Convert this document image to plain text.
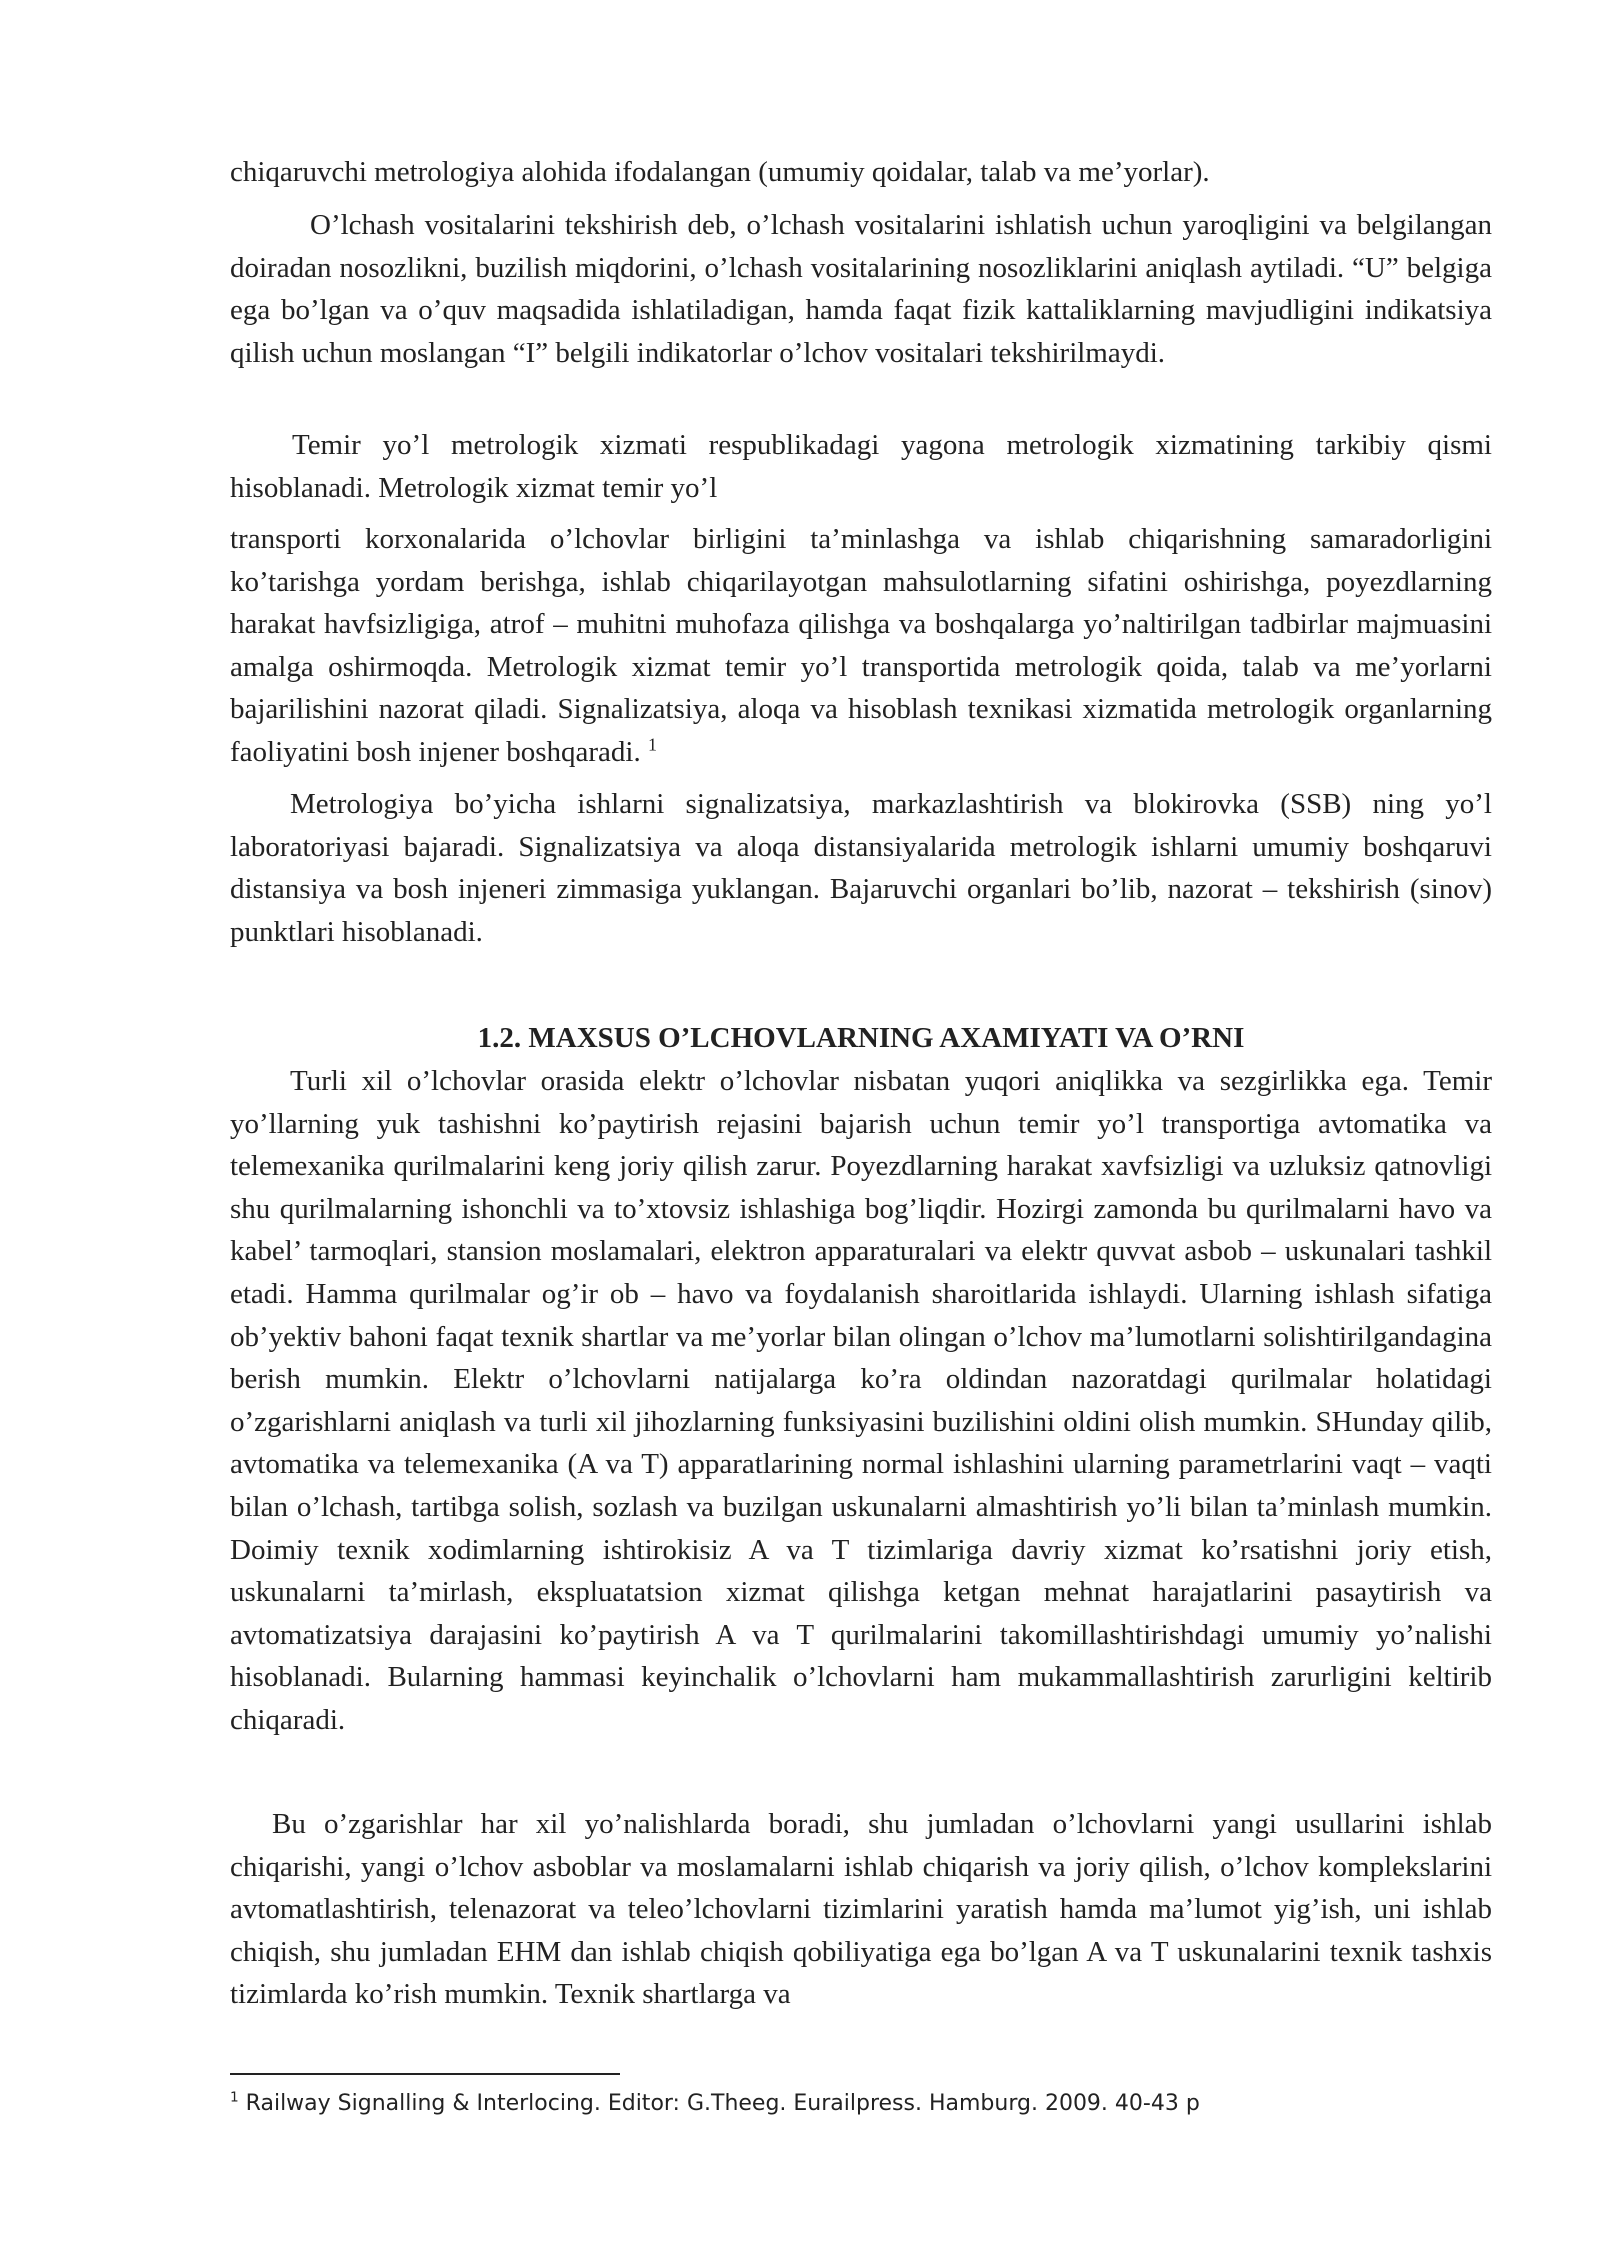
chiqaruvchi metrologiya alohida ifodalangan (umumiy qoidalar, talab va me’yorlar).

O’lchash vositalarini tekshirish deb, o’lchash vositalarini ishlatish uchun yaroqligini va belgilangan doiradan nosozlikni, buzilish miqdorini, o’lchash vositalarining nosozliklarini aniqlash aytiladi. “U” belgiga ega bo’lgan va o’quv maqsadida ishlatiladigan, hamda faqat fizik kattaliklarning mavjudligini indikatsiya qilish uchun moslangan “I” belgili indikatorlar o’lchov vositalari tekshirilmaydi.

Temir yo’l metrologik xizmati respublikadagi yagona metrologik xizmatining tarkibiy qismi hisoblanadi. Metrologik xizmat temir yo’l

transporti korxonalarida o’lchovlar birligini ta’minlashga va ishlab chiqarishning samaradorligini ko’tarishga yordam berishga, ishlab chiqarilayotgan mahsulotlarning sifatini oshirishga, poyezdlarning harakat havfsizligiga, atrof – muhitni muhofaza qilishga va boshqalarga yo’naltirilgan tadbirlar majmuasini amalga oshirmoqda. Metrologik xizmat temir yo’l transportida metrologik qoida, talab va me’yorlarni bajarilishini nazorat qiladi. Signalizatsiya, aloqa va hisoblash texnikasi xizmatida metrologik organlarning faoliyatini bosh injener boshqaradi. $^1$

Metrologiya bo’yicha ishlarni signalizatsiya, markazlashtirish va blokirovka (SSB) ning yo’l laboratoriyasi bajaradi. Signalizatsiya va aloqa distansiyalarida metrologik ishlarni umumiy boshqaruvi distansiya va bosh injeneri zimmasiga yuklangan. Bajaruvchi organlari bo’lib, nazorat – tekshirish (sinov) punktlari hisoblanadi.

1.2. MAXSUS O’LCHOVLARNING AXAMIYATI VA O’RNI

Turli xil o’lchovlar orasida elektr o’lchovlar nisbatan yuqori aniqlikka va sezgirlikka ega. Temir yo’llarning yuk tashishni ko’paytirish rejasini bajarish uchun temir yo’l transportiga avtomatika va telemexanika qurilmalarini keng joriy qilish zarur. Poyezdlarning harakat xavfsizligi va uzluksiz qatnovligi shu qurilmalarning ishonchli va to’xtovsiz ishlashiga bog’liqdir. Hozirgi zamonda bu qurilmalarni havo va kabel’ tarmoqlari, stansion moslamalari, elektron apparaturalari va elektr quvvat asbob – uskunalari tashkil etadi. Hamma qurilmalar og’ir ob – havo va foydalanish sharoitlarida ishlaydi. Ularning ishlash sifatiga ob’yektiv bahoni faqat texnik shartlar va me’yorlar bilan olingan o’lchov ma’lumotlarni solishtirilgandagina berish mumkin. Elektr o’lchovlarni natijalarga ko’ra oldindan nazoratdagi qurilmalar holatidagi o’zgarishlarni aniqlash va turli xil jihozlarning funksiyasini buzilishini oldini olish mumkin. SHunday qilib, avtomatika va telemexanika (A va T) apparatlarining normal ishlashini ularning parametrlarini vaqt – vaqti bilan o’lchash, tartibga solish, sozlash va buzilgan uskunalarni almashtirish yo’li bilan ta’minlash mumkin. Doimiy texnik xodimlarning ishtirokisiz A va T tizimlariga davriy xizmat ko’rsatishni joriy etish, uskunalarni ta’mirlash, ekspluatatsion xizmat qilishga ketgan mehnat harajatlarini pasaytirish va avtomatizatsiya darajasini ko’paytirish A va T qurilmalarini takomillashtirishdagi umumiy yo’nalishi hisoblanadi. Bularning hammasi keyinchalik o’lchovlarni ham mukammallashtirish zarurligini keltirib chiqaradi.

Bu o’zgarishlar har xil yo’nalishlarda boradi, shu jumladan o’lchovlarni yangi usullarini ishlab chiqarishi, yangi o’lchov asboblar va moslamalarni ishlab chiqarish va joriy qilish, o’lchov komplekslarini avtomatlashtirish, telenazorat va teleo’lchovlarni tizimlarini yaratish hamda ma’lumot yig’ish, uni ishlab chiqish, shu jumladan EHM dan ishlab chiqish qobiliyatiga ega bo’lgan A va T uskunalarini texnik tashxis tizimlarda ko’rish mumkin. Texnik shartlarga va

$^1$ Railway Signalling & Interlocing. Editor: G.Theeg. Eurailpress. Hamburg. 2009. 40-43 p
